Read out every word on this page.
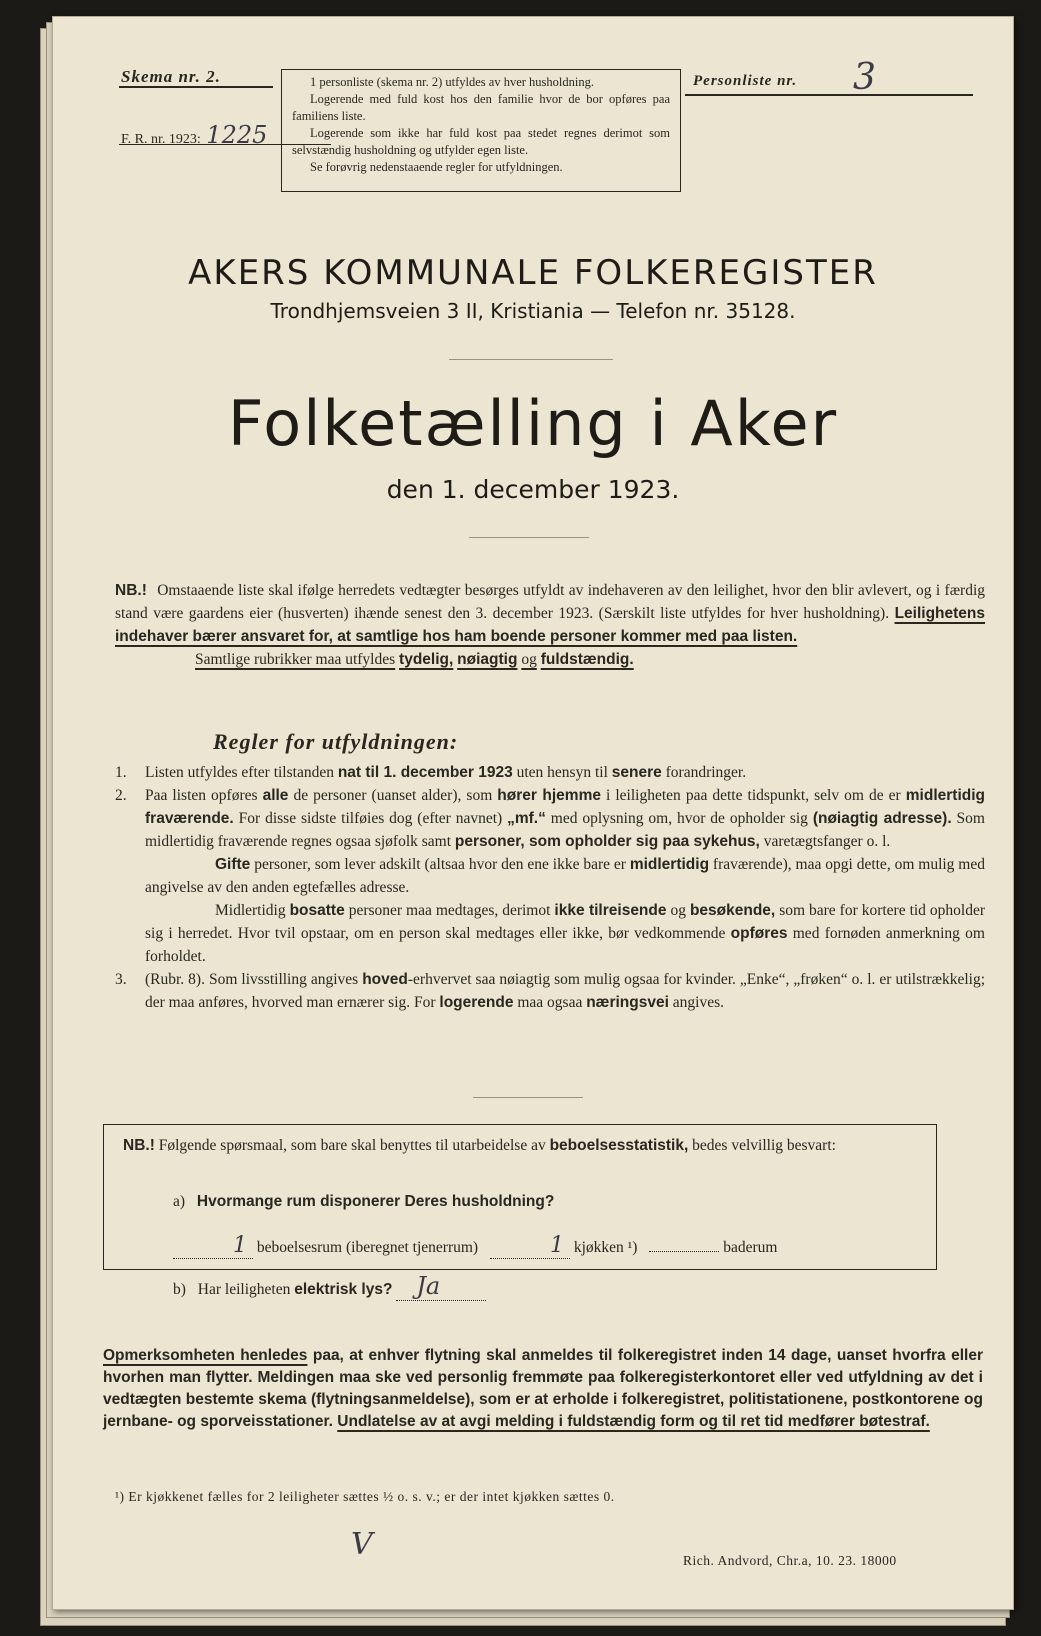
Skema nr. 2.
F. R. nr. 1923: 1225

1 personliste (skema nr. 2) utfyldes av hver husholdning.

Logerende med fuld kost hos den familie hvor de bor opføres paa familiens liste.

Logerende som ikke har fuld kost paa stedet regnes derimot som selvstændig husholdning og utfylder egen liste.

Se forøvrig nedenstaaende regler for utfyldningen.

Personliste nr. 3
AKERS KOMMUNALE FOLKEREGISTER
Trondhjemsveien 3 II, Kristiania — Telefon nr. 35128.
Folketælling i Aker
den 1. december 1923.
NB.! Omstaaende liste skal ifølge herredets vedtægter besørges utfyldt av indehaveren av den leilighet, hvor den blir avlevert, og i færdig stand være gaardens eier (husverten) ihænde senest den 3. december 1923. (Særskilt liste utfyldes for hver husholdning). Leilighetens indehaver bærer ansvaret for, at samtlige hos ham boende personer kommer med paa listen.
Samtlige rubrikker maa utfyldes tydelig, nøiagtig og fuldstændig.
Regler for utfyldningen:
1.	Listen utfyldes efter tilstanden nat til 1. december 1923 uten hensyn til senere forandringer.
2.	Paa listen opføres alle de personer (uanset alder), som hører hjemme i leiligheten paa dette tidspunkt, selv om de er midlertidig fraværende. For disse sidste tilføies dog (efter navnet) „mf.“ med oplysning om, hvor de opholder sig (nøiagtig adresse). Som midlertidig fraværende regnes ogsaa sjøfolk samt personer, som opholder sig paa sykehus, varetægtsfanger o. l.
Gifte personer, som lever adskilt (altsaa hvor den ene ikke bare er midlertidig fraværende), maa opgi dette, om mulig med angivelse av den anden egtefælles adresse.
Midlertidig bosatte personer maa medtages, derimot ikke tilreisende og besøkende, som bare for kortere tid opholder sig i herredet. Hvor tvil opstaar, om en person skal medtages eller ikke, bør vedkommende opføres med fornøden anmerkning om forholdet.
3.	(Rubr. 8). Som livsstilling angives hoved-erhvervet saa nøiagtig som mulig ogsaa for kvinder. „Enke“, „frøken“ o. l. er utilstrækkelig; der maa anføres, hvorved man ernærer sig. For logerende maa ogsaa næringsvei angives.
NB.! Følgende spørsmaal, som bare skal benyttes til utarbeidelse av beboelsesstatistik, bedes velvillig besvart:
a) Hvormange rum disponerer Deres husholdning?
1 beboelsesrum (iberegnet tjenerrum)	1 kjøkken ¹)	baderum
b) Har leiligheten elektrisk lys? Ja
Opmerksomheten henledes paa, at enhver flytning skal anmeldes til folkeregistret inden 14 dage, uanset hvorfra eller hvorhen man flytter. Meldingen maa ske ved personlig fremmøte paa folkeregisterkontoret eller ved utfyldning av det i vedtægten bestemte skema (flytningsanmeldelse), som er at erholde i folkeregistret, politistationene, postkontorene og jernbane- og sporveisstationer. Undlatelse av at avgi melding i fuldstændig form og til ret tid medfører bøtestraf.
¹) Er kjøkkenet fælles for 2 leiligheter sættes ½ o. s. v.; er der intet kjøkken sættes 0.
V	Rich. Andvord, Chr.a, 10. 23. 18000
